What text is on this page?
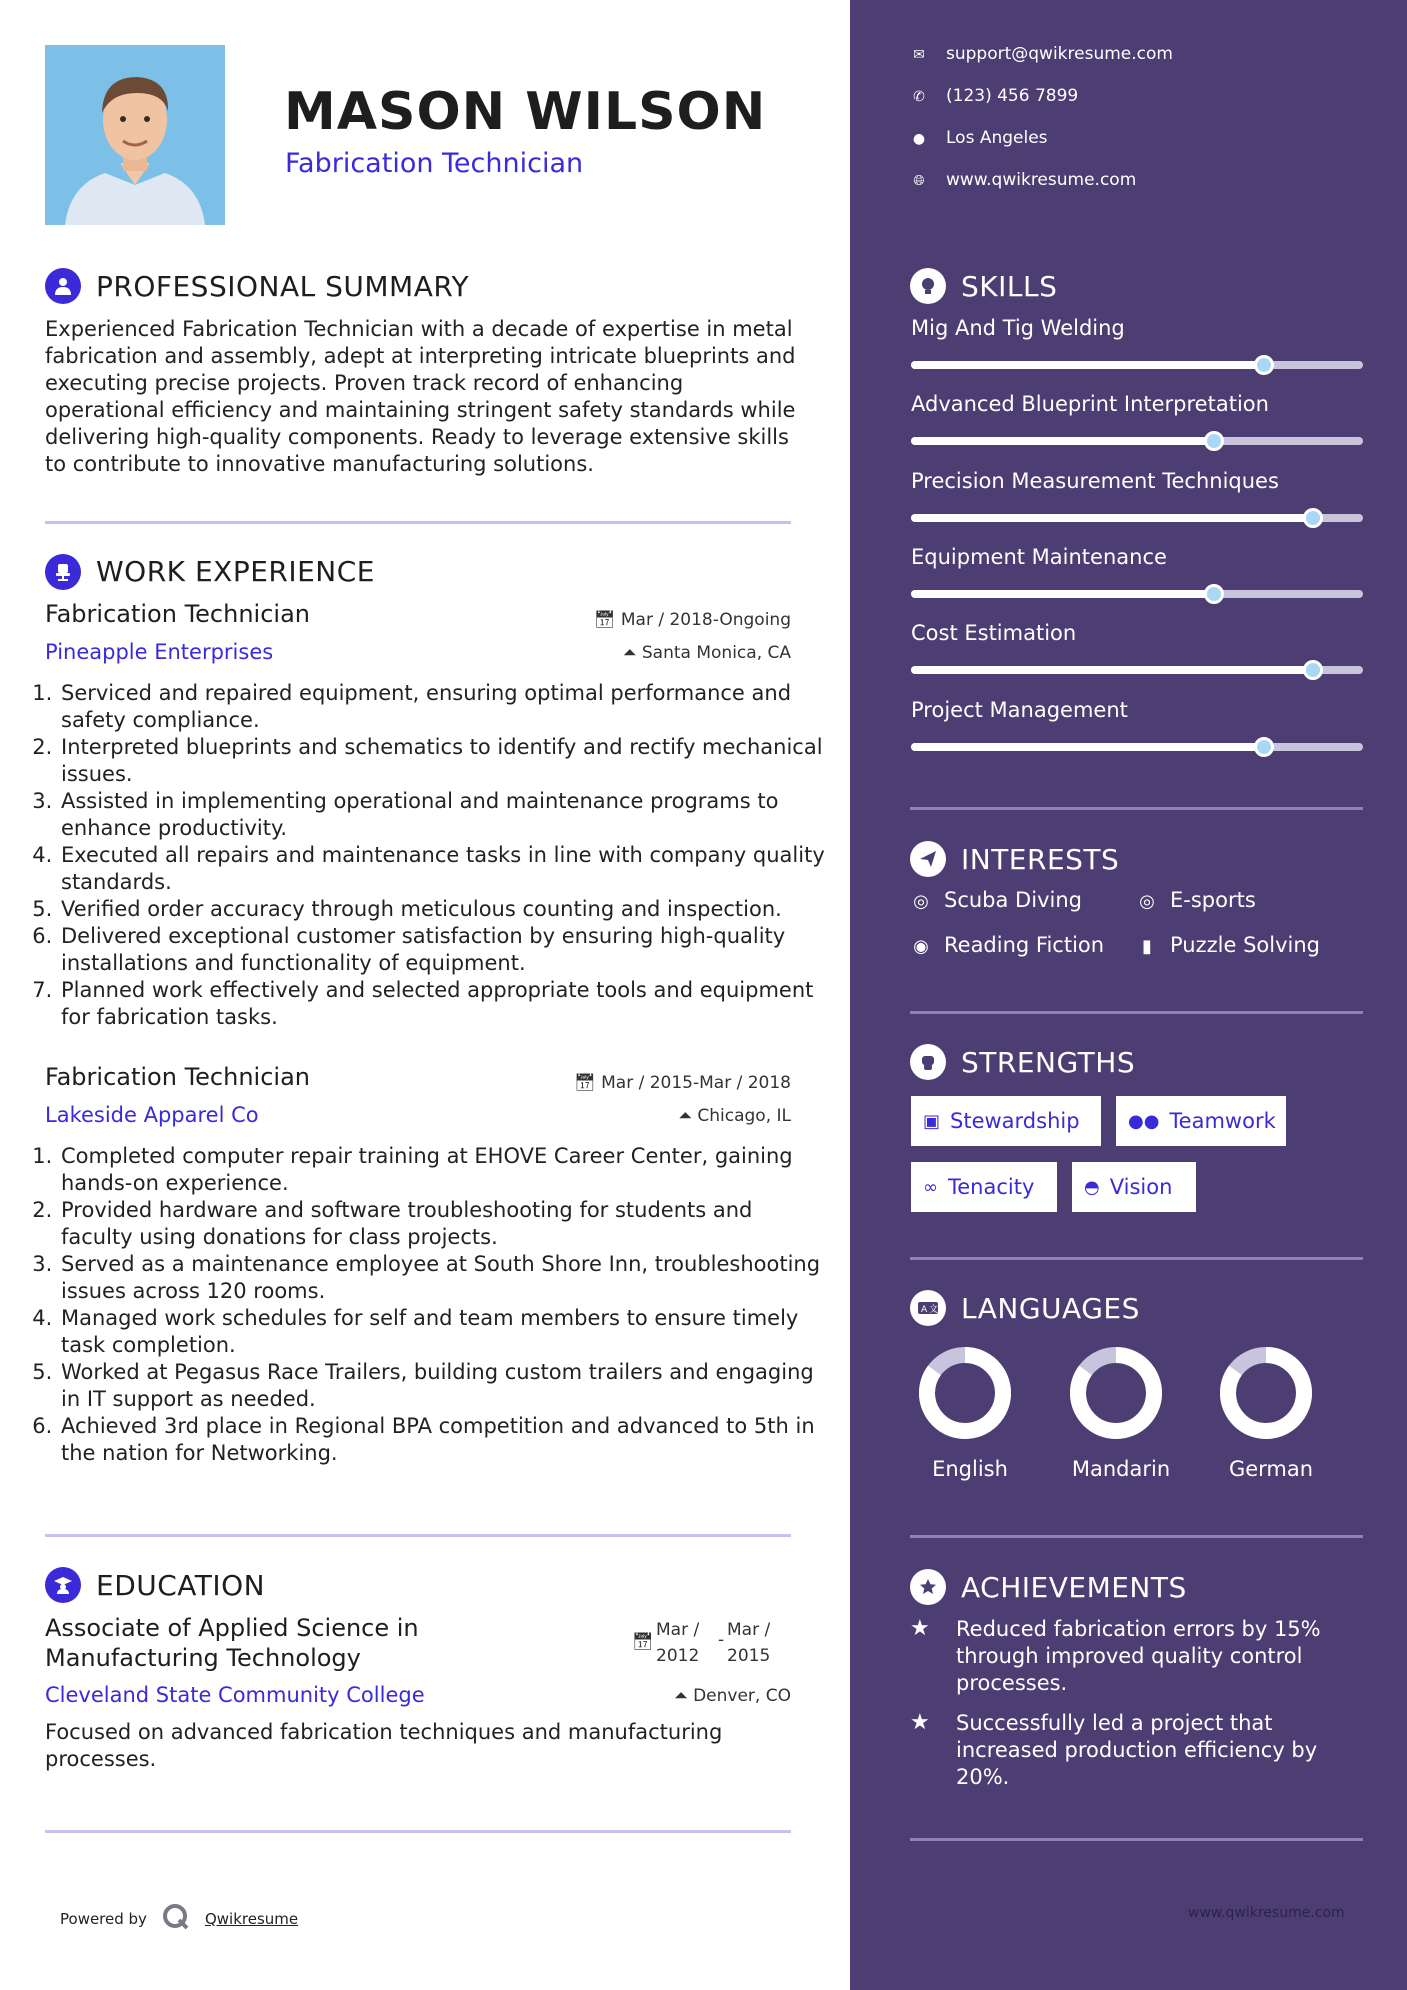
MASON WILSON
Fabrication Technician
PROFESSIONAL SUMMARY
Experienced Fabrication Technician with a decade of expertise in metal fabrication and assembly, adept at interpreting intricate blueprints and executing precise projects. Proven track record of enhancing operational efficiency and maintaining stringent safety standards while delivering high-quality components. Ready to leverage extensive skills to contribute to innovative manufacturing solutions.
WORK EXPERIENCE
Fabrication Technician	📅︎ Mar / 2018-Ongoing
Pineapple Enterprises	⏶ Santa Monica, CA
1. Serviced and repaired equipment, ensuring optimal performance and safety compliance.
2. Interpreted blueprints and schematics to identify and rectify mechanical issues.
3. Assisted in implementing operational and maintenance programs to enhance productivity.
4. Executed all repairs and maintenance tasks in line with company quality standards.
5. Verified order accuracy through meticulous counting and inspection.
6. Delivered exceptional customer satisfaction by ensuring high-quality installations and functionality of equipment.
7. Planned work effectively and selected appropriate tools and equipment for fabrication tasks.
Fabrication Technician	📅︎ Mar / 2015-Mar / 2018
Lakeside Apparel Co	⏶ Chicago, IL
1. Completed computer repair training at EHOVE Career Center, gaining hands-on experience.
2. Provided hardware and software troubleshooting for students and faculty using donations for class projects.
3. Served as a maintenance employee at South Shore Inn, troubleshooting issues across 120 rooms.
4. Managed work schedules for self and team members to ensure timely task completion.
5. Worked at Pegasus Race Trailers, building custom trailers and engaging in IT support as needed.
6. Achieved 3rd place in Regional BPA competition and advanced to 5th in the nation for Networking.
EDUCATION
Associate of Applied Science in Manufacturing Technology
📅︎
Mar /
2012
- Mar /
2015
Cleveland State Community College	⏶ Denver, CO
Focused on advanced fabrication techniques and manufacturing processes.
Powered by	Qwikresume
✉ support@qwikresume.com
✆ (123) 456 7899
● Los Angeles
🌐︎ www.qwikresume.com
SKILLS
Mig And Tig Welding
Advanced Blueprint Interpretation
Precision Measurement Techniques
Equipment Maintenance
Cost Estimation
Project Management
INTERESTS
◎ Scuba Diving	◎ E-sports
◉ Reading Fiction	▮ Puzzle Solving
STRENGTHS
▣ Stewardship	●● Teamwork
∞ Tenacity	◓ Vision
A 文 LANGUAGES
English	Mandarin	German
ACHIEVEMENTS
★ Reduced fabrication errors by 15% through improved quality control processes.
★ Successfully led a project that increased production efficiency by 20%.
www.qwikresume.com
